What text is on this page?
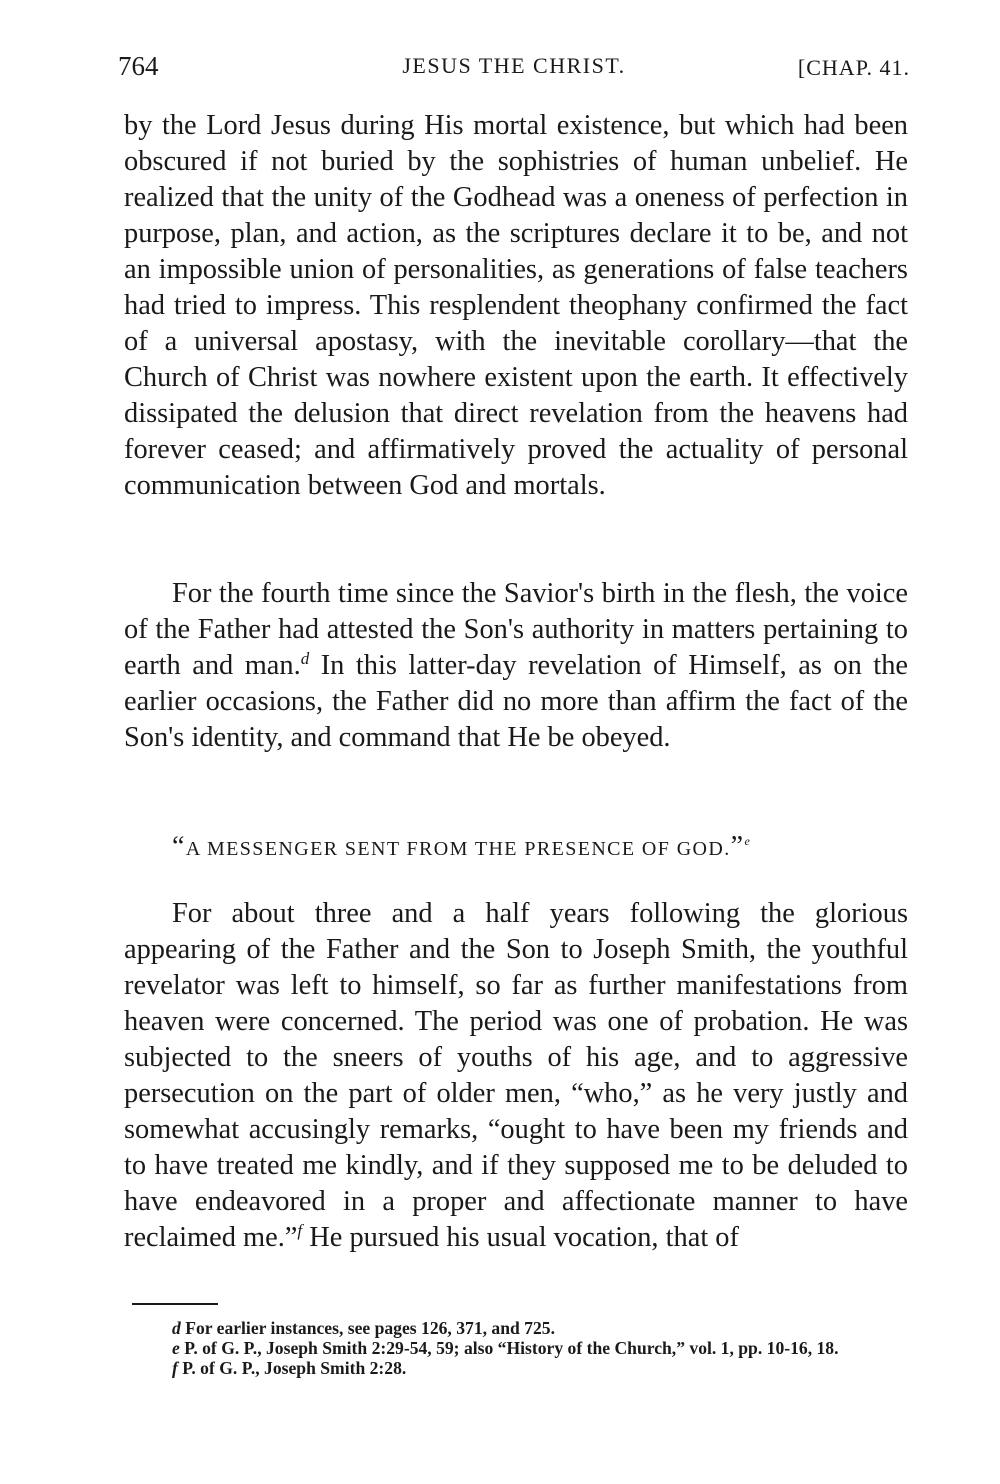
764	JESUS THE CHRIST.	[CHAP. 41.

by the Lord Jesus during His mortal existence, but which had been obscured if not buried by the sophistries of human unbelief. He realized that the unity of the Godhead was a oneness of perfection in purpose, plan, and action, as the scriptures declare it to be, and not an impossible union of personalities, as generations of false teachers had tried to impress. This resplendent theophany confirmed the fact of a universal apostasy, with the inevitable corollary—that the Church of Christ was nowhere existent upon the earth. It effectively dissipated the delusion that direct revelation from the heavens had forever ceased; and affirmatively proved the actuality of personal communication between God and mortals.

For the fourth time since the Savior's birth in the flesh, the voice of the Father had attested the Son's authority in matters pertaining to earth and man.$^d$ In this latter-day revelation of Himself, as on the earlier occasions, the Father did no more than affirm the fact of the Son's identity, and command that He be obeyed.

“A MESSENGER SENT FROM THE PRESENCE OF GOD.”$^e$

For about three and a half years following the glorious appearing of the Father and the Son to Joseph Smith, the youthful revelator was left to himself, so far as further manifestations from heaven were concerned. The period was one of probation. He was subjected to the sneers of youths of his age, and to aggressive persecution on the part of older men, “who,” as he very justly and somewhat accusingly remarks, “ought to have been my friends and to have treated me kindly, and if they supposed me to be deluded to have endeavored in a proper and affectionate manner to have reclaimed me.”$^f$ He pursued his usual vocation, that of

d For earlier instances, see pages 126, 371, and 725.

e P. of G. P., Joseph Smith 2:29-54, 59; also “History of the Church,” vol. 1, pp. 10-16, 18.

f P. of G. P., Joseph Smith 2:28.
